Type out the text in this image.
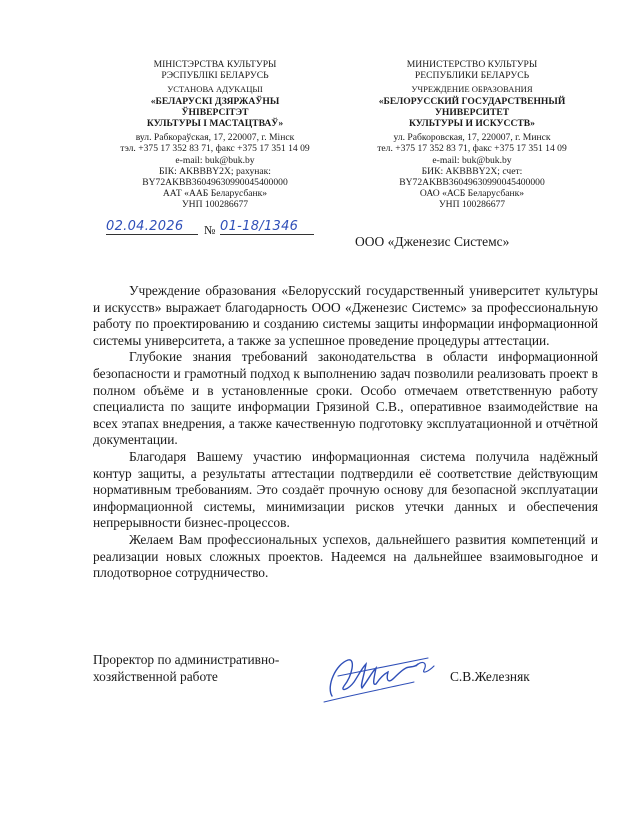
МІНІСТЭРСТВА КУЛЬТУРЫ
РЭСПУБЛІКІ БЕЛАРУСЬ
УСТАНОВА АДУКАЦЫІ
«БЕЛАРУСКІ ДЗЯРЖАЎНЫ
ЎНІВЕРСІТЭТ
КУЛЬТУРЫ І МАСТАЦТВАЎ»
вул. Рабкораўская, 17, 220007, г. Мінск
тэл. +375 17 352 83 71, факс +375 17 351 14 09
e-mail: buk@buk.by
БІК: AKBBBY2X; рахунак:
BY72AKBB36049630990045400000
ААТ «ААБ Беларусбанк»
УНП 100286677
МИНИСТЕРСТВО КУЛЬТУРЫ
РЕСПУБЛИКИ БЕЛАРУСЬ
УЧРЕЖДЕНИЕ ОБРАЗОВАНИЯ
«БЕЛОРУССКИЙ ГОСУДАРСТВЕННЫЙ
УНИВЕРСИТЕТ
КУЛЬТУРЫ И ИСКУССТВ»
ул. Рабкоровская, 17, 220007, г. Минск
тел. +375 17 352 83 71, факс +375 17 351 14 09
e-mail: buk@buk.by
БИК: AKBBBY2X; счет:
BY72AKBB36049630990045400000
ОАО «АСБ Беларусбанк»
УНП 100286677
02.04.2026	№ 01-18/1346
ООО «Дженезис Системс»

Учреждение образования «Белорусский государственный университет культуры и искусств» выражает благодарность ООО «Дженезис Системс» за профессиональную работу по проектированию и созданию системы защиты информации информационной системы университета, а также за успешное проведение процедуры аттестации.

Глубокие знания требований законодательства в области информационной безопасности и грамотный подход к выполнению задач позволили реализовать проект в полном объёме и в установленные сроки. Особо отмечаем ответственную работу специалиста по защите информации Грязиной С.В., оперативное взаимодействие на всех этапах внедрения, а также качественную подготовку эксплуатационной и отчётной документации.

Благодаря Вашему участию информационная система получила надёжный контур защиты, а результаты аттестации подтвердили её соответствие действующим нормативным требованиям. Это создаёт прочную основу для безопасной эксплуатации информационной системы, минимизации рисков утечки данных и обеспечения непрерывности бизнес-процессов.

Желаем Вам профессиональных успехов, дальнейшего развития компетенций и реализации новых сложных проектов. Надеемся на дальнейшее взаимовыгодное и плодотворное сотрудничество.

Проректор по административно-
хозяйственной работе	С.В.Железняк
